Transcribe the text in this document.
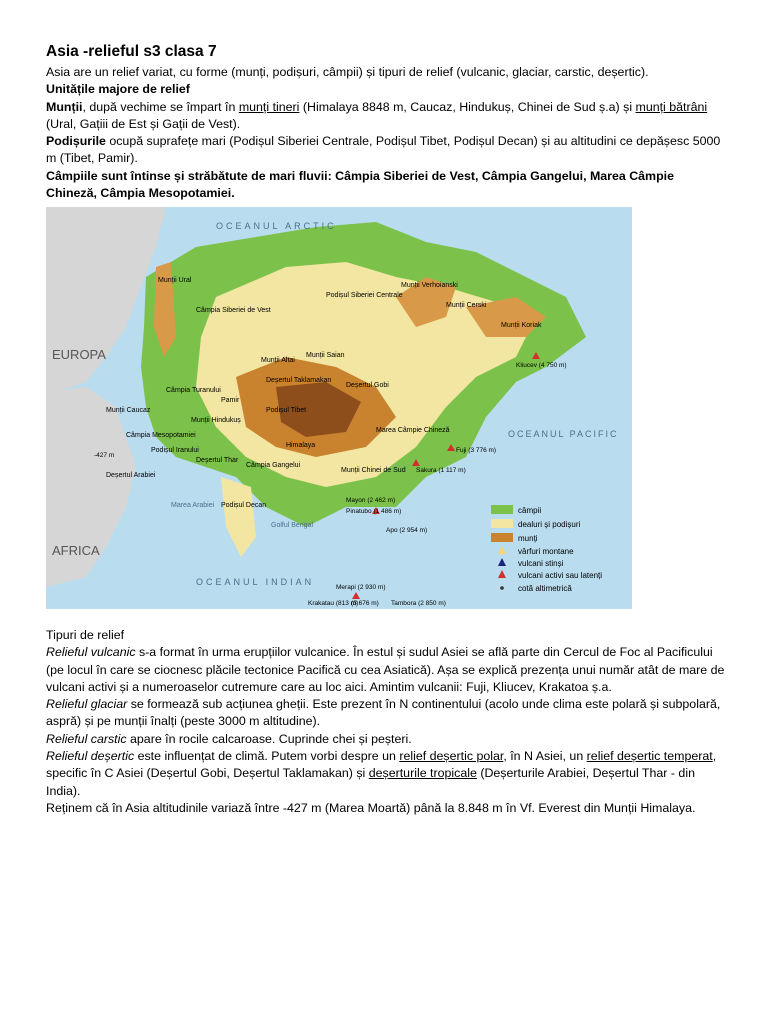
Asia -relieful s3 clasa 7

Asia are un relief variat, cu forme (munți, podișuri, câmpii) și tipuri de relief (vulcanic, glaciar, carstic, deșertic).

Unitățile majore de relief

Munții, după vechime se împart în munți tineri (Himalaya 8848 m, Caucaz, Hindukuș, Chinei de Sud ș.a) și munți bătrâni (Ural, Gațiii de Est și Gații de Vest).

Podișurile ocupă suprafețe mari (Podișul Siberiei Centrale, Podișul Tibet, Podișul Decan) și au altitudini ce depășesc 5000 m (Tibet, Pamir).

Câmpiile sunt întinse și străbătute de mari fluvii: Câmpia Siberiei de Vest, Câmpia Gangelui, Marea Câmpie Chineză, Câmpia Mesopotamiei.

câmpii
dealuri și podișuri
munți
vârfuri montane
vulcani stinși
vulcani activi sau latenți
cotă altimetrică
EUROPA
AFRICA
OCEANUL ARCTIC
OCEANUL PACIFIC
OCEANUL INDIAN
Câmpia Siberiei de Vest
Podișul Siberiei Centrale
Munții Verhoianski
Munții Cerski
Munții Koriak
Munții Ural
Podișul Tibet
Deșertul Gobi
Deșertul Taklamakan
Himalaya
Podișul Decan
Marea Câmpie Chineză
Câmpia Turanului
Munții Caucaz
Deșertul Arabiei
Marea Arabiei
Golful Bengal
Câmpia Gangelui
Munții Altai
Munții Saian
Câmpia Mesopotamiei
Munții Hindukuș
Pamir
Deșertul Thar
Munții Chinei de Sud
Podișul Iranului
Kliucev (4 750 m)
Fuji (3 776 m)
Sakura (1 117 m)
Mayon (2 462 m)
Pinatubo (1 486 m)
Apo (2 954 m)
Merapi (2 930 m)
Krakatau (813 m)	Tambora (2 850 m)
(3 676 m)
-427 m

Tipuri de relief

Relieful vulcanic s-a format în urma erupțiilor vulcanice. În estul și sudul Asiei se află parte din Cercul de Foc al Pacificului (pe locul în care se ciocnesc plăcile tectonice Pacifică cu cea Asiatică). Așa se explică prezența unui număr atât de mare de vulcani activi și a numeroaselor cutremure care au loc aici. Amintim vulcanii: Fuji, Kliucev, Krakatoa ș.a.

Relieful glaciar se formează sub acțiunea gheții. Este prezent în N continentului (acolo unde clima este polară și subpolară, aspră) și pe munții înalți (peste 3000 m altitudine).

Relieful carstic apare în rocile calcaroase. Cuprinde chei și peșteri.

Relieful deșertic este influențat de climă. Putem vorbi despre un relief deșertic polar, în N Asiei, un relief deșertic temperat, specific în C Asiei (Deșertul Gobi, Deșertul Taklamakan) și deșerturile tropicale (Deșerturile Arabiei, Deșertul Thar - din India).

Reținem că în Asia altitudinile variază între -427 m (Marea Moartă) până la 8.848 m în Vf. Everest din Munții Himalaya.
